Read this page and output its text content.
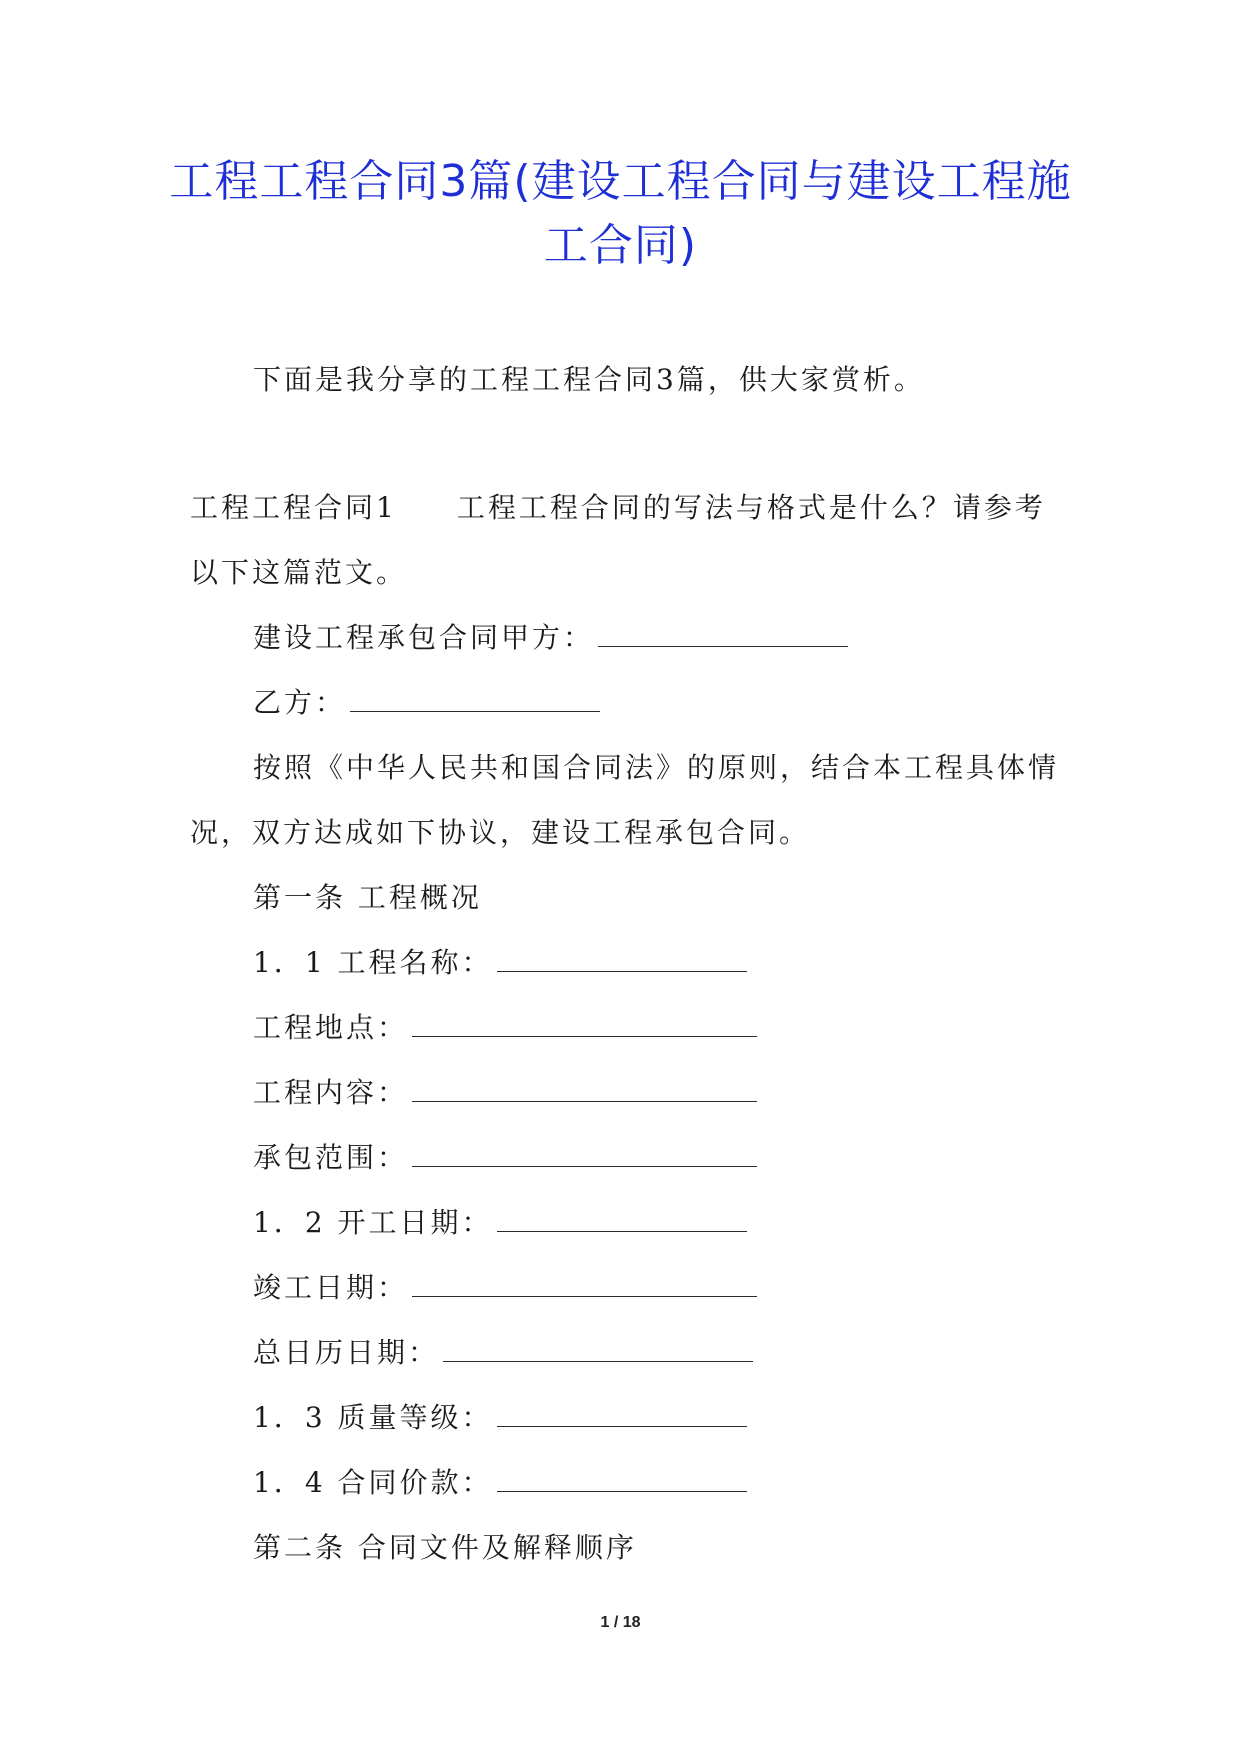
工程工程合同3篇(建设工程合同与建设工程施工合同)
下面是我分享的工程工程合同3篇，供大家赏析。
工程工程合同1 工程工程合同的写法与格式是什么？请参考
以下这篇范文。
建设工程承包合同甲方：
乙方：
按照《中华人民共和国合同法》的原则，结合本工程具体情
况，双方达成如下协议，建设工程承包合同。
第一条 工程概况
1．1 工程名称：
工程地点：
工程内容：
承包范围：
1．2 开工日期：
竣工日期：
总日历日期：
1．3 质量等级：
1．4 合同价款：
第二条 合同文件及解释顺序
1 / 18
